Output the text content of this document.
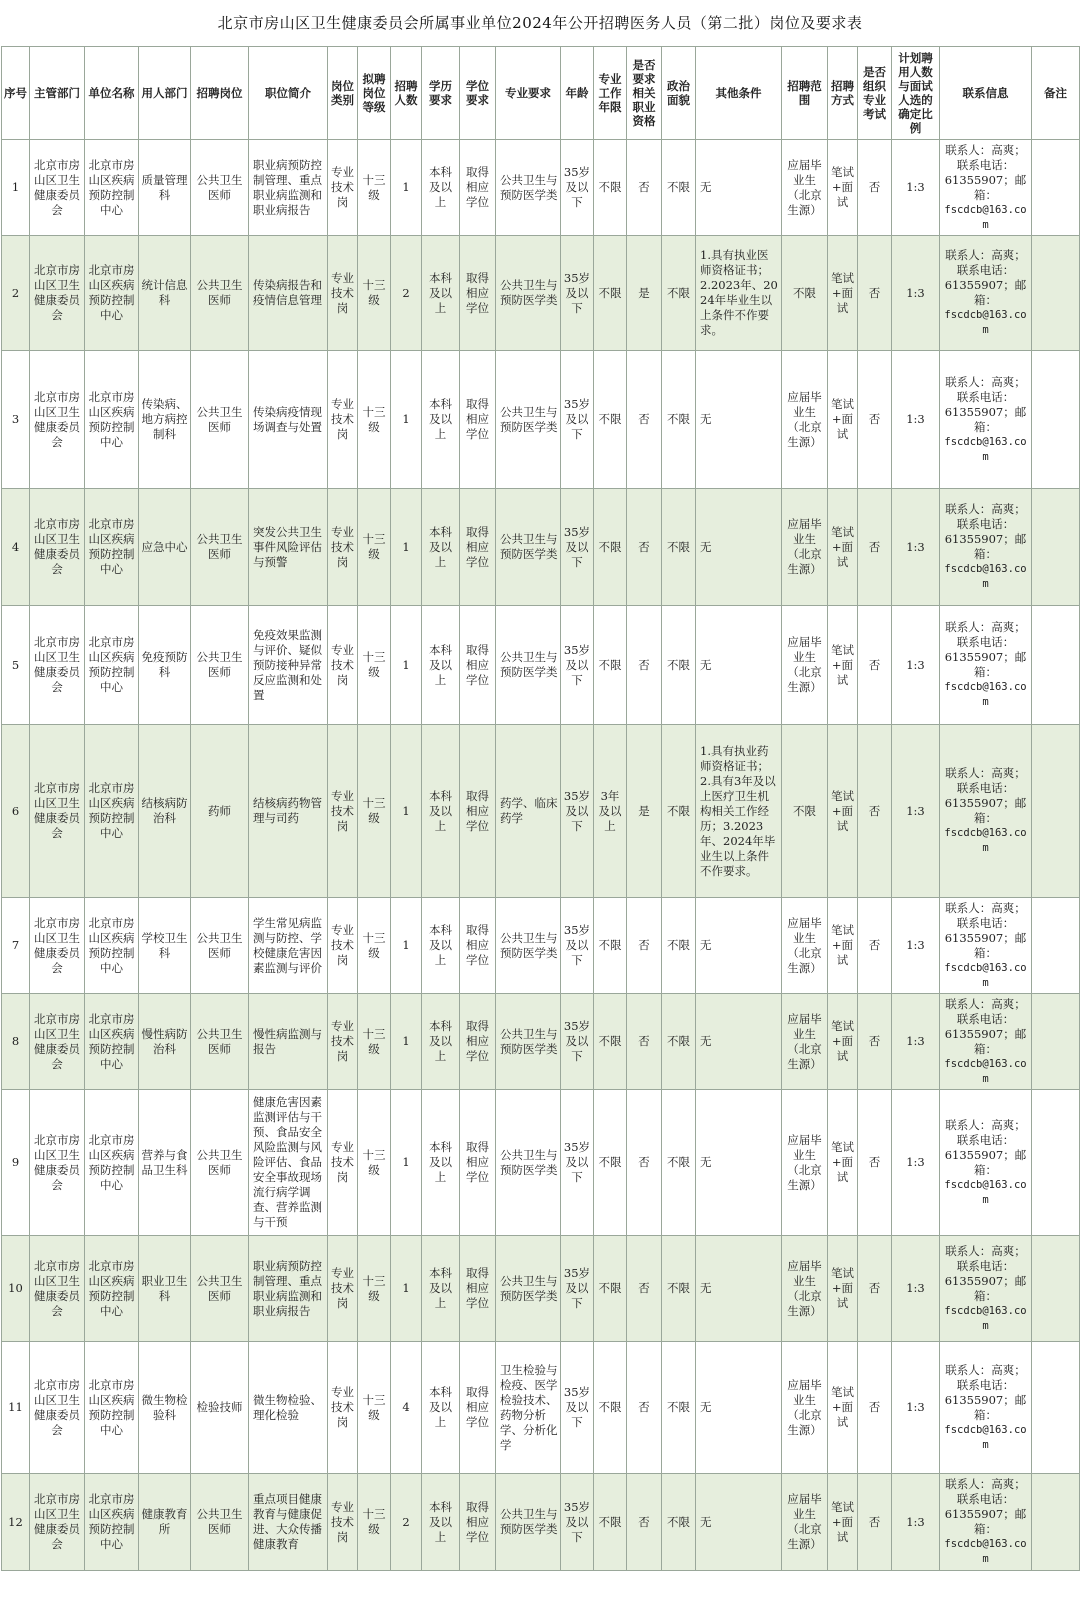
北京市房山区卫生健康委员会所属事业单位2024年公开招聘医务人员（第二批）岗位及要求表
序号	主管部门	单位名称	用人部门	招聘岗位	职位简介	岗位类别	拟聘岗位等级	招聘人数	学历要求	学位要求	专业要求	年龄	专业工作年限	是否要求相关职业资格	政治面貌	其他条件	招聘范围	招聘方式	是否组织专业考试	计划聘用人数与面试人选的确定比例	联系信息	备注
1	北京市房山区卫生健康委员会	北京市房山区疾病预防控制中心	质量管理科	公共卫生医师	职业病预防控制管理、重点职业病监测和职业病报告	专业技术岗	十三级	1	本科及以上	取得相应学位	公共卫生与预防医学类	35岁及以下	不限	否	不限	无	应届毕业生（北京生源）	笔试+面试	否	1:3	联系人：高爽；
联系电话：
61355907；邮
箱：
fscdcb@163.com	

2	北京市房山区卫生健康委员会	北京市房山区疾病预防控制中心	统计信息科	公共卫生医师	传染病报告和疫情信息管理	专业技术岗	十三级	2	本科及以上	取得相应学位	公共卫生与预防医学类	35岁及以下	不限	是	不限	1.具有执业医师资格证书；2.2023年、2024年毕业生以上条件不作要求。	不限	笔试+面试	否	1:3	联系人：高爽；
联系电话：
61355907；邮
箱：
fscdcb@163.com	

3	北京市房山区卫生健康委员会	北京市房山区疾病预防控制中心	传染病、地方病控制科	公共卫生医师	传染病疫情现场调查与处置	专业技术岗	十三级	1	本科及以上	取得相应学位	公共卫生与预防医学类	35岁及以下	不限	否	不限	无	应届毕业生（北京生源）	笔试+面试	否	1:3	联系人：高爽；
联系电话：
61355907；邮
箱：
fscdcb@163.com	

4	北京市房山区卫生健康委员会	北京市房山区疾病预防控制中心	应急中心	公共卫生医师	突发公共卫生事件风险评估与预警	专业技术岗	十三级	1	本科及以上	取得相应学位	公共卫生与预防医学类	35岁及以下	不限	否	不限	无	应届毕业生（北京生源）	笔试+面试	否	1:3	联系人：高爽；
联系电话：
61355907；邮
箱：
fscdcb@163.com	

5	北京市房山区卫生健康委员会	北京市房山区疾病预防控制中心	免疫预防科	公共卫生医师	免疫效果监测与评价、疑似预防接种异常反应监测和处置	专业技术岗	十三级	1	本科及以上	取得相应学位	公共卫生与预防医学类	35岁及以下	不限	否	不限	无	应届毕业生（北京生源）	笔试+面试	否	1:3	联系人：高爽；
联系电话：
61355907；邮
箱：
fscdcb@163.com	

6	北京市房山区卫生健康委员会	北京市房山区疾病预防控制中心	结核病防治科	药师	结核病药物管理与司药	专业技术岗	十三级	1	本科及以上	取得相应学位	药学、临床药学	35岁及以下	3年及以上	是	不限	1.具有执业药师资格证书；2.具有3年及以上医疗卫生机构相关工作经历；3.2023年、2024年毕业生以上条件不作要求。	不限	笔试+面试	否	1:3	联系人：高爽；
联系电话：
61355907；邮
箱：
fscdcb@163.com	

7	北京市房山区卫生健康委员会	北京市房山区疾病预防控制中心	学校卫生科	公共卫生医师	学生常见病监测与防控、学校健康危害因素监测与评价	专业技术岗	十三级	1	本科及以上	取得相应学位	公共卫生与预防医学类	35岁及以下	不限	否	不限	无	应届毕业生（北京生源）	笔试+面试	否	1:3	联系人：高爽；
联系电话：
61355907；邮
箱：
fscdcb@163.com	

8	北京市房山区卫生健康委员会	北京市房山区疾病预防控制中心	慢性病防治科	公共卫生医师	慢性病监测与报告	专业技术岗	十三级	1	本科及以上	取得相应学位	公共卫生与预防医学类	35岁及以下	不限	否	不限	无	应届毕业生（北京生源）	笔试+面试	否	1:3	联系人：高爽；
联系电话：
61355907；邮
箱：
fscdcb@163.com	

9	北京市房山区卫生健康委员会	北京市房山区疾病预防控制中心	营养与食品卫生科	公共卫生医师	健康危害因素监测评估与干预、食品安全风险监测与风险评估、食品安全事故现场流行病学调查、营养监测与干预	专业技术岗	十三级	1	本科及以上	取得相应学位	公共卫生与预防医学类	35岁及以下	不限	否	不限	无	应届毕业生（北京生源）	笔试+面试	否	1:3	联系人：高爽；
联系电话：
61355907；邮
箱：
fscdcb@163.com	

10	北京市房山区卫生健康委员会	北京市房山区疾病预防控制中心	职业卫生科	公共卫生医师	职业病预防控制管理、重点职业病监测和职业病报告	专业技术岗	十三级	1	本科及以上	取得相应学位	公共卫生与预防医学类	35岁及以下	不限	否	不限	无	应届毕业生（北京生源）	笔试+面试	否	1:3	联系人：高爽；
联系电话：
61355907；邮
箱：
fscdcb@163.com	

11	北京市房山区卫生健康委员会	北京市房山区疾病预防控制中心	微生物检验科	检验技师	微生物检验、理化检验	专业技术岗	十三级	4	本科及以上	取得相应学位	卫生检验与检疫、医学检验技术、药物分析学、分析化学	35岁及以下	不限	否	不限	无	应届毕业生（北京生源）	笔试+面试	否	1:3	联系人：高爽；
联系电话：
61355907；邮
箱：
fscdcb@163.com	

12	北京市房山区卫生健康委员会	北京市房山区疾病预防控制中心	健康教育所	公共卫生医师	重点项目健康教育与健康促进、大众传播健康教育	专业技术岗	十三级	2	本科及以上	取得相应学位	公共卫生与预防医学类	35岁及以下	不限	否	不限	无	应届毕业生（北京生源）	笔试+面试	否	1:3	联系人：高爽；
联系电话：
61355907；邮
箱：
fscdcb@163.com	
